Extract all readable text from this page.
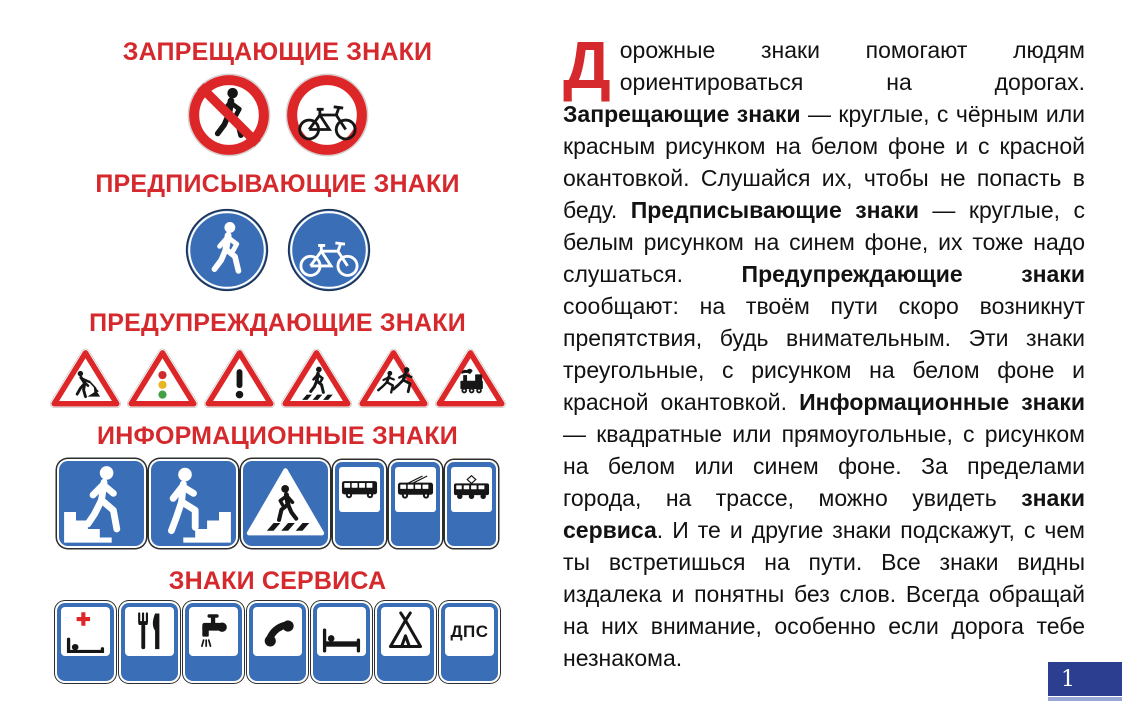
ЗАПРЕЩАЮЩИЕ ЗНАКИ
ПРЕДПИСЫВАЮЩИЕ ЗНАКИ
ПРЕДУПРЕЖДАЮЩИЕ ЗНАКИ
ИНФОРМАЦИОННЫЕ ЗНАКИ
ЗНАКИ СЕРВИСА
ДПС
Дорожные знаки помогают людям ориентироваться на дорогах. Запрещающие знаки — круглые, с чёрным или красным рисунком на белом фоне и с красной окантовкой. Слушайся их, чтобы не попасть в беду. Предписывающие знаки — круглые, с белым рисунком на синем фоне, их тоже надо слушаться. Предупреждающие знаки сообщают: на твоём пути скоро возникнут препятствия, будь внимательным. Эти знаки треугольные, с рисунком на белом фоне и красной окантовкой. Информационные знаки — квадратные или прямоугольные, с рисунком на белом или синем фоне. За пределами города, на трассе, можно увидеть знаки сервиса. И те и другие знаки подскажут, с чем ты встретишься на пути. Все знаки видны издалека и понятны без слов. Всегда обращай на них внимание, особенно если дорога тебе незнакома.
1
